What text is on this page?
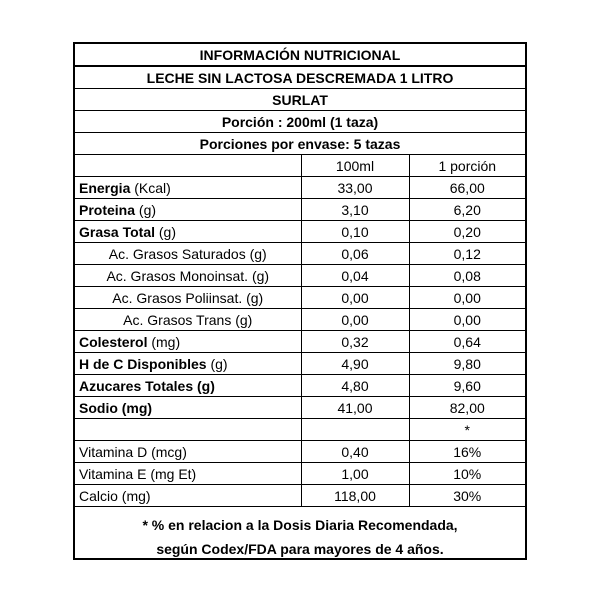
INFORMACIÓN NUTRICIONAL		
LECHE SIN LACTOSA DESCREMADA 1 LITRO		
SURLAT		
Porción : 200ml (1 taza)		
Porciones por envase: 5 tazas		
	100ml	1 porción
Energia (Kcal)	33,00	66,00
Proteina (g)	3,10	6,20
Grasa Total (g)	0,10	0,20
Ac. Grasos Saturados (g)	0,06	0,12
Ac. Grasos Monoinsat. (g)	0,04	0,08
Ac. Grasos Poliinsat. (g)	0,00	0,00
Ac. Grasos Trans (g)	0,00	0,00
Colesterol (mg)	0,32	0,64
H de C Disponibles (g)	4,90	9,80
Azucares Totales (g)	4,80	9,60
Sodio (mg)	41,00	82,00
		*
Vitamina D (mcg)	0,40	16%
Vitamina E (mg Et)	1,00	10%
Calcio (mg)	118,00	30%
* % en relacion a la Dosis Diaria Recomendada,
según Codex/FDA para mayores de 4 años.
